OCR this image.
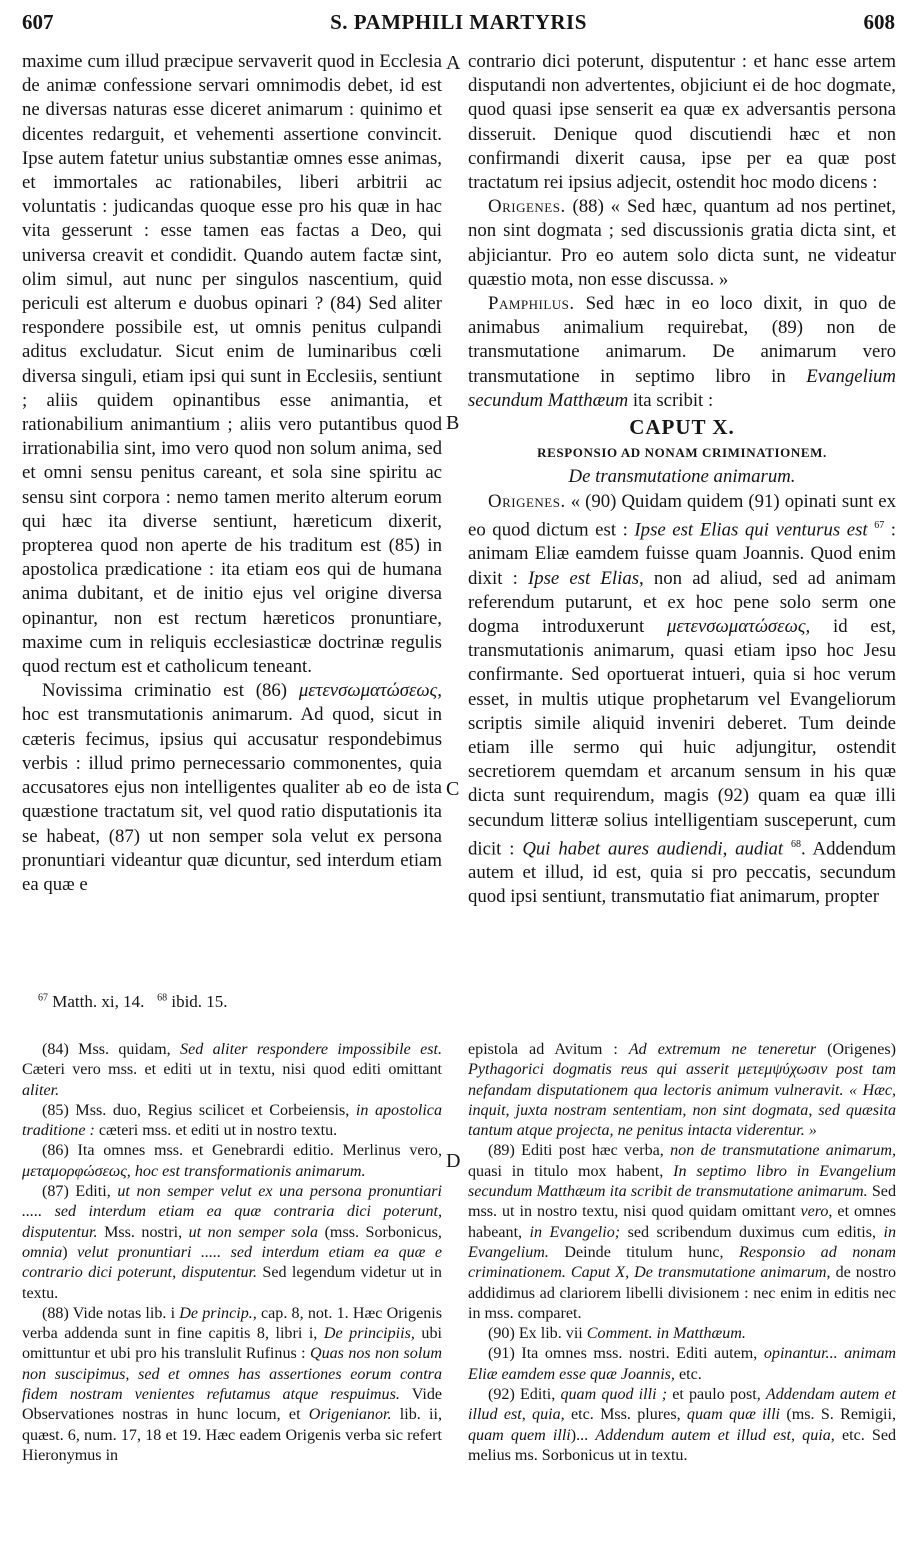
607	S. PAMPHILI MARTYRIS	608
A
B
C
D

maxime cum illud præcipue servaverit quod in Ecclesia de animæ confessione servari omnimodis debet, id est ne diversas naturas esse diceret animarum : quinimo et dicentes redarguit, et vehementi assertione convincit. Ipse autem fatetur unius substantiæ omnes esse animas, et immortales ac rationabiles, liberi arbitrii ac voluntatis : judicandas quoque esse pro his quæ in hac vita gesserunt : esse tamen eas factas a Deo, qui universa creavit et condidit. Quando autem factæ sint, olim simul, aut nunc per singulos nascentium, quid periculi est alterum e duobus opinari ? (84) Sed aliter respondere possibile est, ut omnis penitus culpandi aditus excludatur. Sicut enim de luminaribus cœli diversa singuli, etiam ipsi qui sunt in Ecclesiis, sentiunt ; aliis quidem opinantibus esse animantia, et rationabilium animantium ; aliis vero putantibus quod irrationabilia sint, imo vero quod non solum anima, sed et omni sensu penitus careant, et sola sine spiritu ac sensu sint corpora : nemo tamen merito alterum eorum qui hæc ita diverse sentiunt, hæreticum dixerit, propterea quod non aperte de his traditum est (85) in apostolica prædicatione : ita etiam eos qui de humana anima dubitant, et de initio ejus vel origine diversa opinantur, non est rectum hæreticos pronuntiare, maxime cum in reliquis ecclesiasticæ doctrinæ regulis quod rectum est et catholicum teneant.

Novissima criminatio est (86) μετενσωματώσεως, hoc est transmutationis animarum. Ad quod, sicut in cæteris fecimus, ipsius qui accusatur respondebimus verbis : illud primo pernecessario commonentes, quia accusatores ejus non intelligentes qualiter ab eo de ista quæstione tractatum sit, vel quod ratio disputationis ita se habeat, (87) ut non semper sola velut ex persona pronuntiari videantur quæ dicuntur, sed interdum etiam ea quæ e

contrario dici poterunt, disputentur : et hanc esse artem disputandi non advertentes, objiciunt ei de hoc dogmate, quod quasi ipse senserit ea quæ ex adversantis persona disseruit. Denique quod discutiendi hæc et non confirmandi dixerit causa, ipse per ea quæ post tractatum rei ipsius adjecit, ostendit hoc modo dicens :

Origenes. (88) « Sed hæc, quantum ad nos pertinet, non sint dogmata ; sed discussionis gratia dicta sint, et abjiciantur. Pro eo autem solo dicta sunt, ne videatur quæstio mota, non esse discussa. »

Pamphilus. Sed hæc in eo loco dixit, in quo de animabus animalium requirebat, (89) non de transmutatione animarum. De animarum vero transmutatione in septimo libro in Evangelium secundum Matthæum ita scribit :

CAPUT X.
RESPONSIO AD NONAM CRIMINATIONEM.
De transmutatione animarum.

Origenes. « (90) Quidam quidem (91) opinati sunt ex eo quod dictum est : Ipse est Elias qui venturus est $^{67}$ : animam Eliæ eamdem fuisse quam Joannis. Quod enim dixit : Ipse est Elias, non ad aliud, sed ad animam referendum putarunt, et ex hoc pene solo serm one dogma introduxerunt μετενσωματώσεως, id est, transmutationis animarum, quasi etiam ipso hoc Jesu confirmante. Sed oportuerat intueri, quia si hoc verum esset, in multis utique prophetarum vel Evangeliorum scriptis simile aliquid inveniri deberet. Tum deinde etiam ille sermo qui huic adjungitur, ostendit secretiorem quemdam et arcanum sensum in his quæ dicta sunt requirendum, magis (92) quam ea quæ illi secundum litteræ solius intelligentiam susceperunt, cum dicit : Qui habet aures audiendi, audiat $^{68}$. Addendum autem et illud, id est, quia si pro peccatis, secundum quod ipsi sentiunt, transmutatio fiat animarum, propter

$^{67}$ Matth. xi, 14. $^{68}$ ibid. 15.

(84) Mss. quidam, Sed aliter respondere impossibile est. Cæteri vero mss. et editi ut in textu, nisi quod editi omittant aliter.

(85) Mss. duo, Regius scilicet et Corbeiensis, in apostolica traditione : cæteri mss. et editi ut in nostro textu.

(86) Ita omnes mss. et Genebrardi editio. Merlinus vero, μεταμορφώσεως, hoc est transformationis animarum.

(87) Editi, ut non semper velut ex una persona pronuntiari ..... sed interdum etiam ea quæ contraria dici poterunt, disputentur. Mss. nostri, ut non semper sola (mss. Sorbonicus, omnia) velut pronuntiari ..... sed interdum etiam ea quæ e contrario dici poterunt, disputentur. Sed legendum videtur ut in textu.

(88) Vide notas lib. i De princip., cap. 8, not. 1. Hæc Origenis verba addenda sunt in fine capitis 8, libri i, De principiis, ubi omittuntur et ubi pro his translulit Rufinus : Quas nos non solum non suscipimus, sed et omnes has assertiones eorum contra fidem nostram venientes refutamus atque respuimus. Vide Observationes nostras in hunc locum, et Origenianor. lib. ii, quæst. 6, num. 17, 18 et 19. Hæc eadem Origenis verba sic refert Hieronymus in

epistola ad Avitum : Ad extremum ne teneretur (Origenes) Pythagorici dogmatis reus qui asserit μετεμψύχωσιν post tam nefandam disputationem qua lectoris animum vulneravit. « Hæc, inquit, juxta nostram sententiam, non sint dogmata, sed quæsita tantum atque projecta, ne penitus intacta viderentur. »

(89) Editi post hæc verba, non de transmutatione animarum, quasi in titulo mox habent, In septimo libro in Evangelium secundum Matthæum ita scribit de transmutatione animarum. Sed mss. ut in nostro textu, nisi quod quidam omittant vero, et omnes habeant, in Evangelio; sed scribendum duximus cum editis, in Evangelium. Deinde titulum hunc, Responsio ad nonam criminationem. Caput X, De transmutatione animarum, de nostro addidimus ad clariorem libelli divisionem : nec enim in editis nec in mss. comparet.

(90) Ex lib. vii Comment. in Matthæum.

(91) Ita omnes mss. nostri. Editi autem, opinantur... animam Eliæ eamdem esse quæ Joannis, etc.

(92) Editi, quam quod illi ; et paulo post, Addendam autem et illud est, quia, etc. Mss. plures, quam quæ illi (ms. S. Remigii, quam quem illi)... Addendum autem et illud est, quia, etc. Sed melius ms. Sorbonicus ut in textu.
